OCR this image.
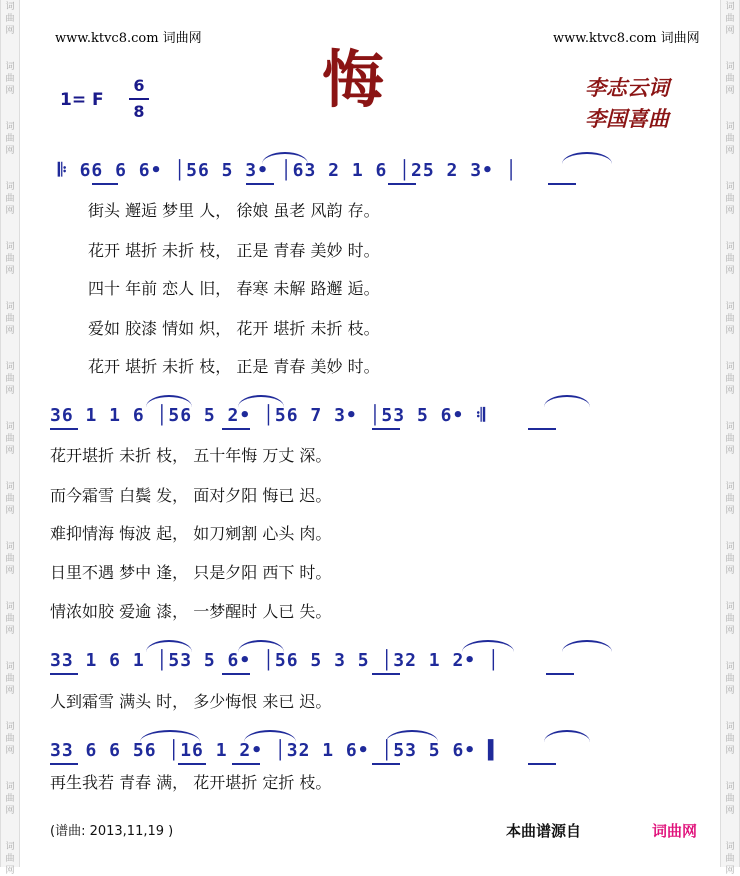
词
曲
网
词
曲
网
词
曲
网
词
曲
网
词
曲
网
词
曲
网
词
曲
网
词
曲
网
词
曲
网
词
曲
网
词
曲
网
词
曲
网
词
曲
网
词
曲
网
词
曲
网
词
曲
网
词
曲
网
词
曲
网
词
曲
网
词
曲
网
词
曲
网
词
曲
网
词
曲
网
词
曲
网
词
曲
网
词
曲
网
词
曲
网
词
曲
网
词
曲
网
词
曲
网
www.ktvc8.com 词曲网	www.ktvc8.com 词曲网
悔
1= F
6
8
李志云词
李国喜曲
𝄆 66 6 6• │56 5 3• │63 2 1 6 │25 2 3• │
街头 邂逅 梦里 人， 徐娘 虽老 风韵 存。
花开 堪折 未折 枝， 正是 青春 美妙 时。
四十 年前 恋人 旧， 春寒 未解 路邂 逅。
爱如 胶漆 情如 炽， 花开 堪折 未折 枝。
花开 堪折 未折 枝， 正是 青春 美妙 时。
36 1 1 6 │56 5 2• │56 7 3• │53 5 6• 𝄇
花开堪折 未折 枝， 五十年悔 万丈 深。
而今霜雪 白鬓 发， 面对夕阳 悔已 迟。
难抑情海 悔波 起， 如刀剜割 心头 肉。
日里不遇 梦中 逢， 只是夕阳 西下 时。
情浓如胶 爱逾 漆， 一梦醒时 人已 失。
33 1 6 1 │53 5 6• │56 5 3 5 │32 1 2• │
人到霜雪 满头 时， 多少悔恨 来已 迟。
33 6 6 56 │16 1 2• │32 1 6• │53 5 6• ▌
再生我若 青春 满， 花开堪折 定折 枝。
(谱曲: 2013,11,19 )	本曲谱源自	词曲网
